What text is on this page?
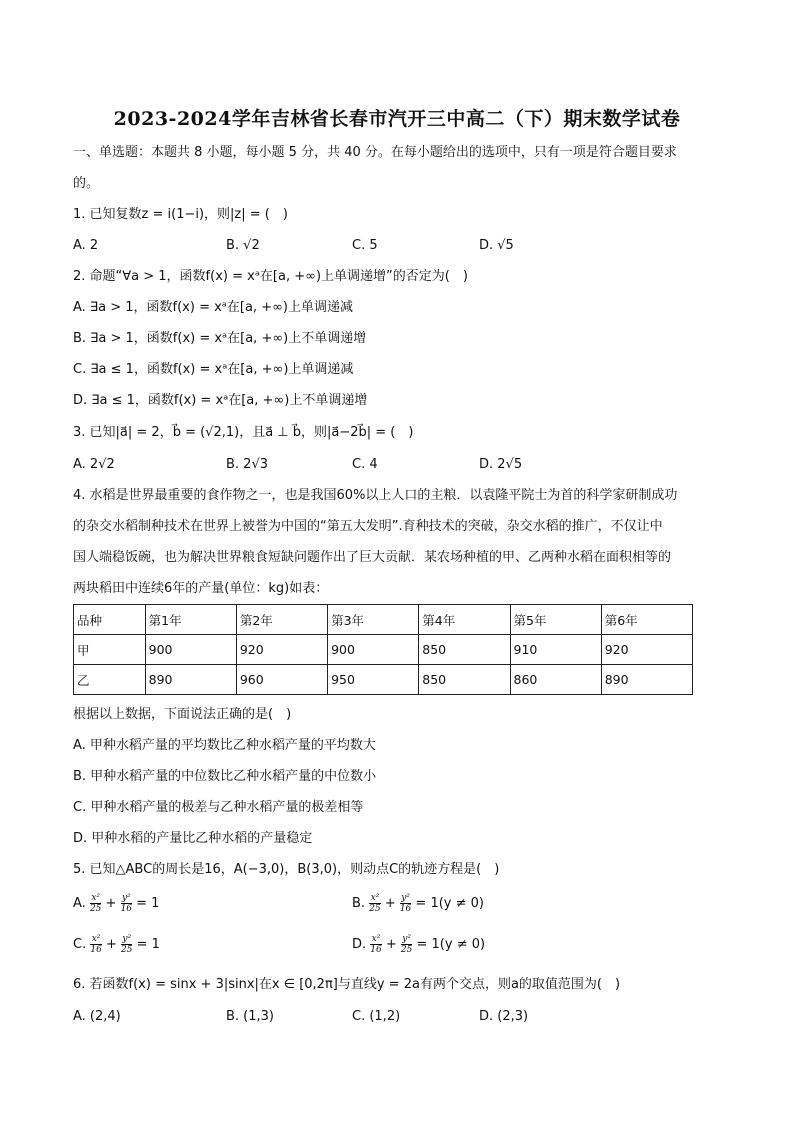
2023-2024学年吉林省长春市汽开三中高二（下）期末数学试卷
一、单选题：本题共 8 小题，每小题 5 分，共 40 分。在每小题给出的选项中，只有一项是符合题目要求
的。
1. 已知复数z = i(1−i)，则|z| = (　)
A. 2	B. √2	C. 5	D. √5
2. 命题“∀a > 1，函数f(x) = xᵃ在[a, +∞)上单调递增”的否定为(　)
A. ∃a > 1，函数f(x) = xᵃ在[a, +∞)上单调递减
B. ∃a > 1，函数f(x) = xᵃ在[a, +∞)上不单调递增
C. ∃a ≤ 1，函数f(x) = xᵃ在[a, +∞)上单调递减
D. ∃a ≤ 1，函数f(x) = xᵃ在[a, +∞)上不单调递增
3. 已知|a⃗| = 2，b⃗ = (√2,1)，且a⃗ ⊥ b⃗，则|a⃗−2b⃗| = (　)
A. 2√2	B. 2√3	C. 4	D. 2√5
4. 水稻是世界最重要的食作物之一，也是我国60%以上人口的主粮．以袁隆平院士为首的科学家研制成功
的杂交水稻制种技术在世界上被誉为中国的“第五大发明”.育种技术的突破，杂交水稻的推广，不仅让中
国人端稳饭碗，也为解决世界粮食短缺问题作出了巨大贡献．某农场种植的甲、乙两种水稻在面积相等的
两块稻田中连续6年的产量(单位：kg)如表：
品种	第1年	第2年	第3年	第4年	第5年	第6年
甲	900	920	900	850	910	920
乙	890	960	950	850	860	890
根据以上数据，下面说法正确的是(　)
A. 甲种水稻产量的平均数比乙种水稻产量的平均数大
B. 甲种水稻产量的中位数比乙种水稻产量的中位数小
C. 甲种水稻产量的极差与乙种水稻产量的极差相等
D. 甲种水稻的产量比乙种水稻的产量稳定
5. 已知△ABC的周长是16，A(−3,0)，B(3,0)，则动点C的轨迹方程是(　)
A. $\frac{\text{x²}}{25} + \frac{\text{y²}}{16} = 1$	B. $\frac{\text{x²}}{25} + \frac{\text{y²}}{16} = 1(y \ne 0)$
C. $\frac{\text{x²}}{16} + \frac{\text{y²}}{25} = 1$	D. $\frac{\text{x²}}{16} + \frac{\text{y²}}{25} = 1(y \ne 0)$
6. 若函数f(x) = sinx + 3|sinx|在x ∈ [0,2π]与直线y = 2a有两个交点，则a的取值范围为(　)
A. (2,4)	B. (1,3)	C. (1,2)	D. (2,3)
